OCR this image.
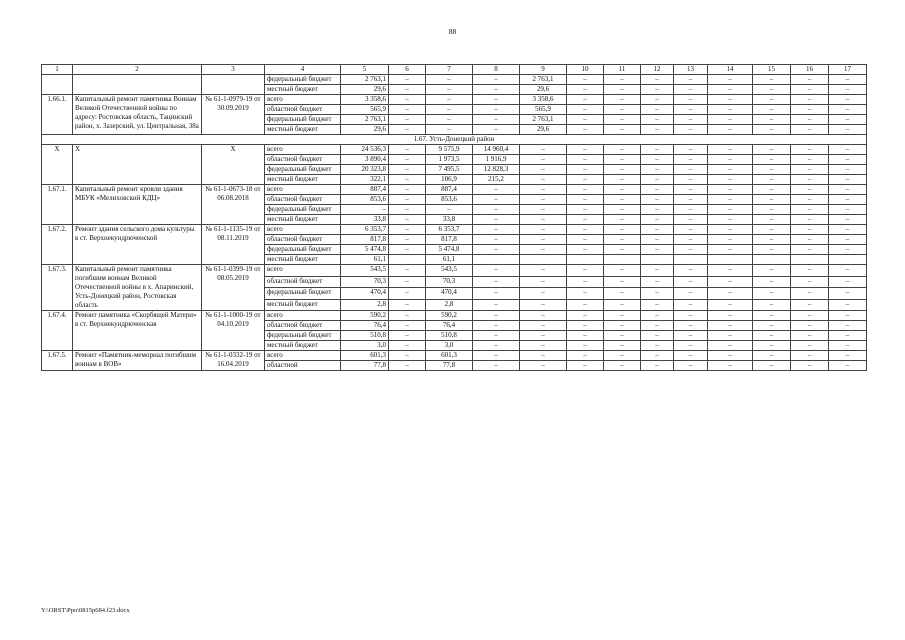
88
1	2	3	4	5	6	7	8	9	10	11	12	13	14	15	16	17
			федеральный бюджет	2 763,1	–	–	–	2 763,1	–	–	–	–	–	–	–	–
			местный бюджет	29,6	–	–	–	29,6	–	–	–	–	–	–	–	–
1.66.1.	Капитальный ремонт памятника Воинам Великой Отечественной войны по адресу: Ростовская область, Тацинский район, х. Зазерский, ул. Центральная, 38а	№ 61-1-0979-19 от 30.09.2019	всего	3 358,6	–	–	–	3 358,6	–	–	–	–	–	–	–	–
			областной бюджет	565,9	–	–	–	565,9	–	–	–	–	–	–	–	–
			федеральный бюджет	2 763,1	–	–	–	2 763,1	–	–	–	–	–	–	–	–
			местный бюджет	29,6	–	–	–	29,6	–	–	–	–	–	–	–	–
1.67. Усть-Донецкий район																
Х	Х	Х	всего	24 536,3	–	9 575,9	14 960,4	–	–	–	–	–	–	–	–	–
			областной бюджет	3 890,4	–	1 973,5	1 916,9	–	–	–	–	–	–	–	–	–
			федеральный бюджет	20 323,8	–	7 495,5	12 828,3	–	–	–	–	–	–	–	–	–
			местный бюджет	322,1	–	106,9	215,2	–	–	–	–	–	–	–	–	–
1.67.1.	Капитальный ремонт кровли здания МБУК «Мелиховский КДЦ»	№ 61-1-0673-18 от 06.08.2018	всего	887,4	–	887,4	–	–	–	–	–	–	–	–	–	–
			областной бюджет	853,6	–	853,6	–	–	–	–	–	–	–	–	–	–
			федеральный бюджет	–	–	–	–	–	–	–	–	–	–	–	–	–
			местный бюджет	33,8	–	33,8	–	–	–	–	–	–	–	–	–	–
1.67.2.	Ремонт здания сельского дома культуры в ст. Верхнекундрюченской	№ 61-1-1135-19 от 08.11.2019	всего	6 353,7	–	6 353,7	–	–	–	–	–	–	–	–	–	–
			областной бюджет	817,8	–	817,8	–	–	–	–	–	–	–	–	–	–
			федеральный бюджет	5 474,8	–	5 474,8	–	–	–	–	–	–	–	–	–	–
			местный бюджет	61,1		61,1										
1.67.3.	Капитальный ремонт памятника погибшим воинам Великой Отечественной войны в х. Апаринский, Усть-Донецкий район, Ростовская область	№ 61-1-0399-19 от 08.05.2019	всего	543,5	–	543,5	–	–	–	–	–	–	–	–	–	–
			областной бюджет	70,3	–	70,3	–	–	–	–	–	–	–	–	–	–
			федеральный бюджет	470,4	–	470,4	–	–	–	–	–	–	–	–	–	–
			местный бюджет	2,8	–	2,8	–	–	–	–	–	–	–	–	–	–
1.67.4.	Ремонт памятника «Скорбящей Матери» в ст. Верхнекундрюченская	№ 61-1-1000-19 от 04.10.2019	всего	590,2	–	590,2	–	–	–	–	–	–	–	–	–	–
			областной бюджет	76,4	–	76,4	–	–	–	–	–	–	–	–	–	–
			федеральный бюджет	510,8	–	510,8	–	–	–	–	–	–	–	–	–	–
			местный бюджет	3,0	–	3,0	–	–	–	–	–	–	–	–	–	–
1.67.5.	Ремонт «Памятник-мемориал погибшим воинам в ВОВ»	№ 61-1-0332-19 от 16.04.2019	всего	601,3	–	601,3	–	–	–	–	–	–	–	–	–	–
			областной	77,8	–	77,8	–	–	–	–	–	–	–	–	–	–
Y:\ORST\Ppo\0815p684.f23.docx
